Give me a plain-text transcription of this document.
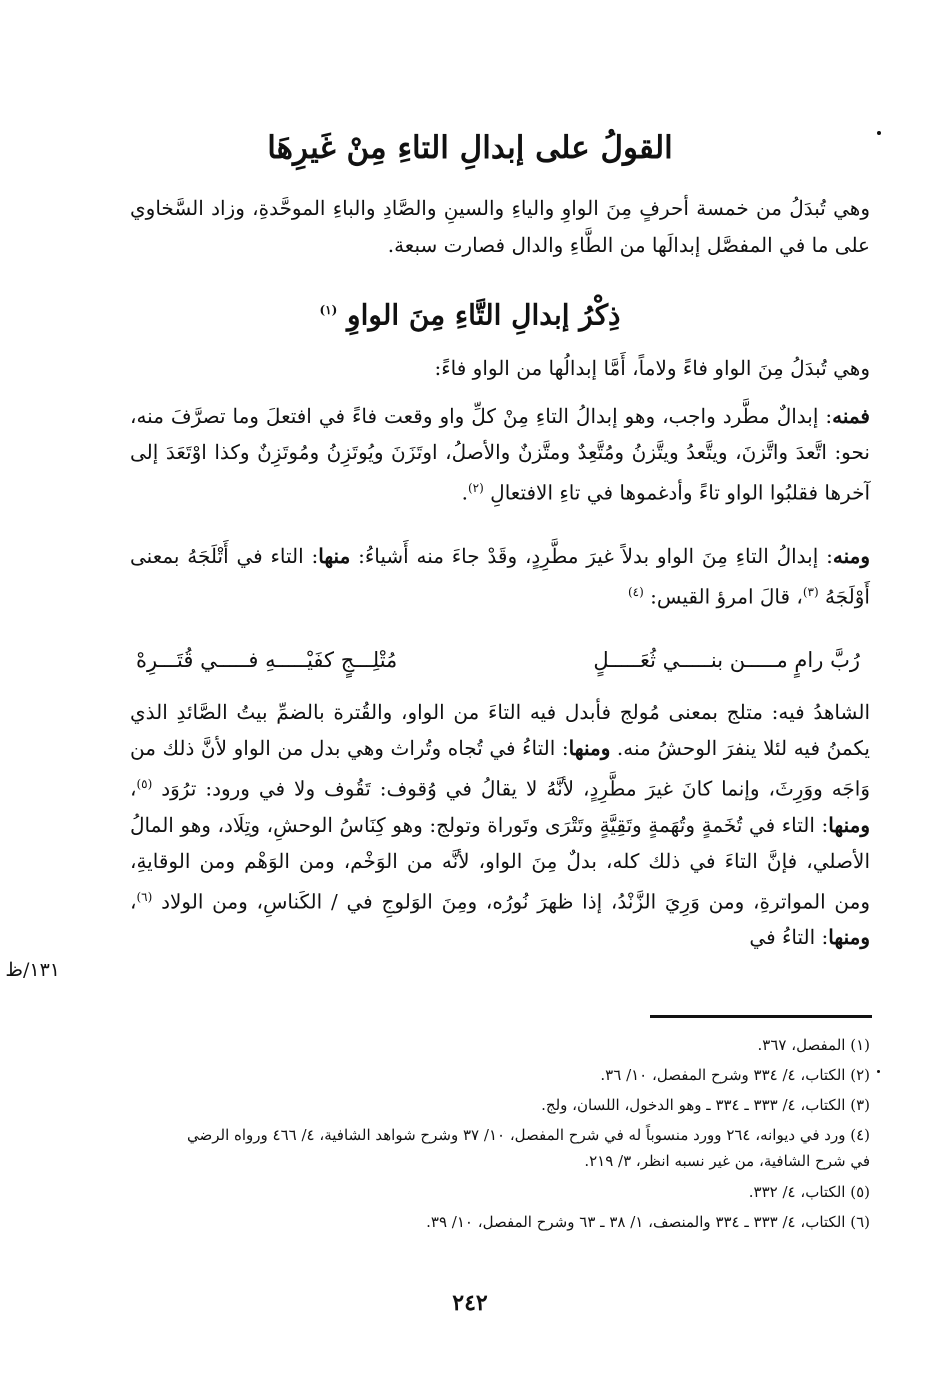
القولُ على إبدالِ التاءِ مِنْ غَيرِهَا
وهي تُبدَلُ من خمسة أحرفٍ مِنَ الواوِ والياءِ والسينِ والصَّادِ والباءِ الموحَّدةِ، وزاد السَّخاوي على ما في المفصَّل إبدالَها من الطَّاءِ والدال فصارت سبعة.
ذِكْرُ إبدالِ التَّاءِ مِنَ الواوِ $^{(١)}$
وهي تُبدَلُ مِنَ الواو فاءً ولاماً، أَمَّا إبدالُها من الواو فاءً:
فمنه: إبدالٌ مطَّرد واجب، وهو إبدالُ التاءِ مِنْ كلِّ واو وقعت فاءً في افتعلَ وما تصرَّفَ منه، نحو: اتَّعدَ واتَّزنَ، ويتَّعدُ ويتَّزنُ ومُتَّعِدٌ ومتَّزنٌ والأصلُ، اوتَزَنَ ويُوتَزِنُ ومُوتَزِنٌ وكذا اوْتَعَدَ إلى آخرها فقلبُوا الواو تاءً وأدغموها في تاءِ الافتعالِ $^{(٢)}$.
ومنه: إبدالُ التاءِ مِنَ الواو بدلاً غيرَ مطَّرِدٍ، وقَدْ جاءَ منه أَشياءُ: منها: التاء في أَتْلَجَهُ بمعنى أَوْلَجَهُ $^{(٣)}$، قالَ امرؤ القيس: $^{(٤)}$
رُبَّ رامٍ مـــــن بنـــــي ثُعَـــــلٍ
مُتْلِـــجٍ كفَيْـــــهِ فـــــي قُتَـــرِهْ
الشاهدُ فيه: متلج بمعنى مُولج فأبدل فيه التاءَ من الواو، والقُترة بالضمِّ بيتُ الصَّائدِ الذي يكمنُ فيه لئلا ينفرَ الوحشُ منه. ومنها: التاءُ في تُجاه وتُراث وهي بدل من الواو لأنَّ ذلك من وَاجَه ووَرِثَ، وإنما كانَ غيرَ مطَّرِدٍ، لأنَّهُ لا يقالُ في وُقوف: تَقُوف ولا في ورود: ترُوَد $^{(٥)}$، ومنها: التاء في تُخَمةٍ وتُهَمةٍ وتَقِيَّةٍ وتَتْرَى وتَوراة وتولج: وهو كِنَاسُ الوحشِ، وتِلَاد، وهو المالُ الأصلي، فإنَّ التاءَ في ذلك كله، بدلٌ مِنَ الواو، لأنَّه من الوَخْم، ومن الوَهْم ومن الوقايةِ، ومن المواترةِ، ومن وَرِيَ الزَّنْدُ، إذا ظهرَ نُورُه، ومِنَ الوَلوجِ في / الكَناسِ، ومن الولاد $^{(٦)}$، ومنها: التاءُ في
١٣١/ظ

(١) المفصل، ٣٦٧.

(٢) الكتاب، ٤/ ٣٣٤ وشرح المفصل، ١٠/ ٣٦.

(٣) الكتاب، ٤/ ٣٣٣ ـ ٣٣٤ ـ وهو الدخول، اللسان، ولج.

(٤) ورد في ديوانه، ٢٦٤ وورد منسوباً له في شرح المفصل، ١٠/ ٣٧ وشرح شواهد الشافية، ٤/ ٤٦٦ ورواه الرضي في شرح الشافية، من غير نسبه انظر، ٣/ ٢١٩.

(٥) الكتاب، ٤/ ٣٣٢.

(٦) الكتاب، ٤/ ٣٣٣ ـ ٣٣٤ والمنصف، ١/ ٣٨ ـ ٦٣ وشرح المفصل، ١٠/ ٣٩.

٢٤٢
